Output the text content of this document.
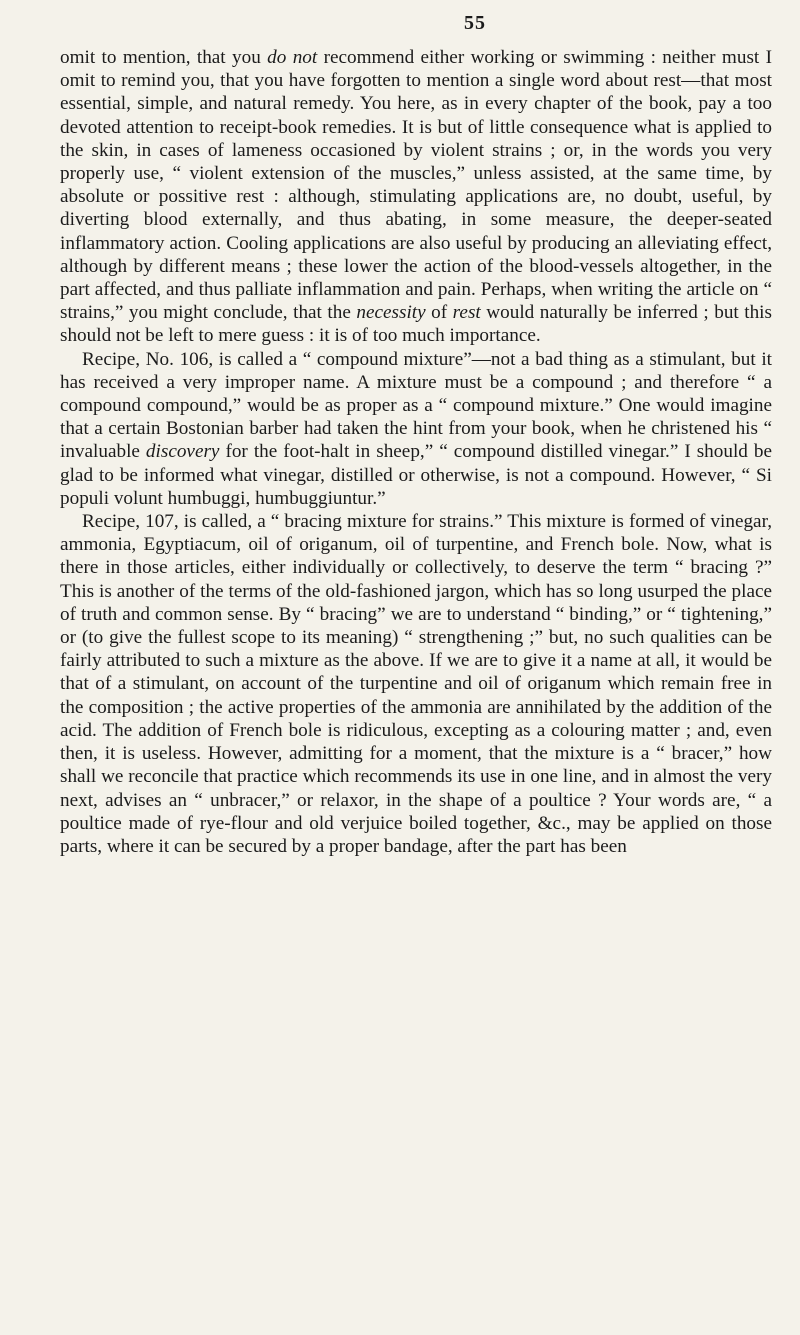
55

omit to mention, that you do not recommend either working or swimming : neither must I omit to remind you, that you have forgotten to mention a single word about rest—that most essential, simple, and natural remedy. You here, as in every chapter of the book, pay a too devoted attention to receipt-book remedies. It is but of little consequence what is applied to the skin, in cases of lameness occasioned by violent strains ; or, in the words you very properly use, “ violent extension of the muscles,” unless assisted, at the same time, by absolute or possitive rest : although, stimulating applications are, no doubt, useful, by diverting blood externally, and thus abating, in some measure, the deeper-seated inflammatory action. Cooling applications are also useful by producing an alleviating effect, although by different means ; these lower the action of the blood-vessels altogether, in the part affected, and thus palliate inflammation and pain. Perhaps, when writing the article on “ strains,” you might conclude, that the necessity of rest would naturally be inferred ; but this should not be left to mere guess : it is of too much importance.

Recipe, No. 106, is called a “ compound mixture”—not a bad thing as a stimulant, but it has received a very improper name. A mixture must be a compound ; and therefore “ a compound compound,” would be as proper as a “ compound mixture.” One would imagine that a certain Bostonian barber had taken the hint from your book, when he christened his “ invaluable discovery for the foot-halt in sheep,” “ compound distilled vinegar.” I should be glad to be informed what vinegar, distilled or otherwise, is not a compound. However, “ Si populi volunt humbuggi, humbuggiuntur.”

Recipe, 107, is called, a “ bracing mixture for strains.” This mixture is formed of vinegar, ammonia, Egyptiacum, oil of origanum, oil of turpentine, and French bole. Now, what is there in those articles, either individually or collectively, to deserve the term “ bracing ?” This is another of the terms of the old-fashioned jargon, which has so long usurped the place of truth and common sense. By “ bracing” we are to understand “ binding,” or “ tightening,” or (to give the fullest scope to its meaning) “ strengthening ;” but, no such qualities can be fairly attributed to such a mixture as the above. If we are to give it a name at all, it would be that of a stimulant, on account of the turpentine and oil of origanum which remain free in the composition ; the active properties of the ammonia are annihilated by the addition of the acid. The addition of French bole is ridiculous, excepting as a colouring matter ; and, even then, it is useless. However, admitting for a moment, that the mixture is a “ bracer,” how shall we reconcile that practice which recommends its use in one line, and in almost the very next, advises an “ unbracer,” or relaxor, in the shape of a poultice ? Your words are, “ a poultice made of rye-flour and old verjuice boiled together, &c., may be applied on those parts, where it can be secured by a proper bandage, after the part has been
